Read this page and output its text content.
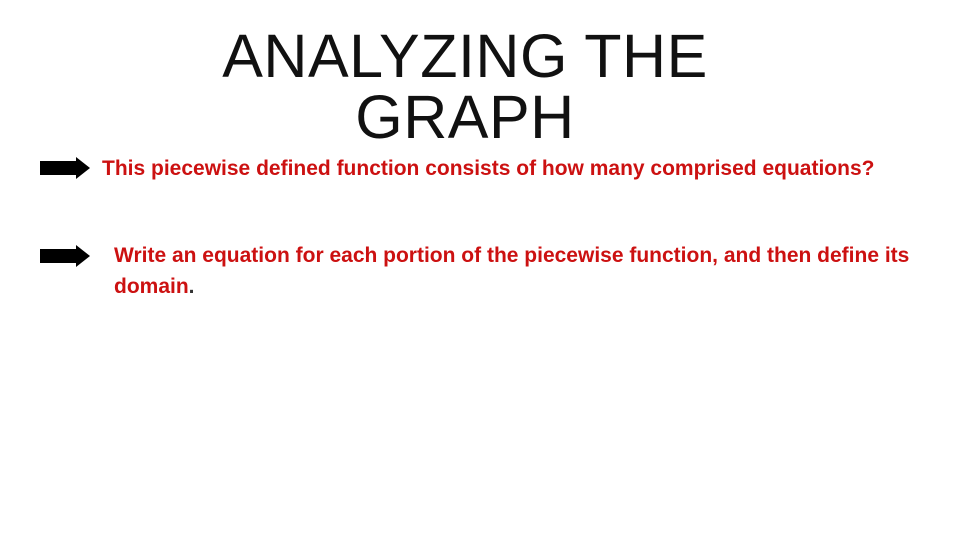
ANALYZING THE
GRAPH
This piecewise defined function consists of how many comprised equations?
Write an equation for each portion of the piecewise function, and then define its domain.
